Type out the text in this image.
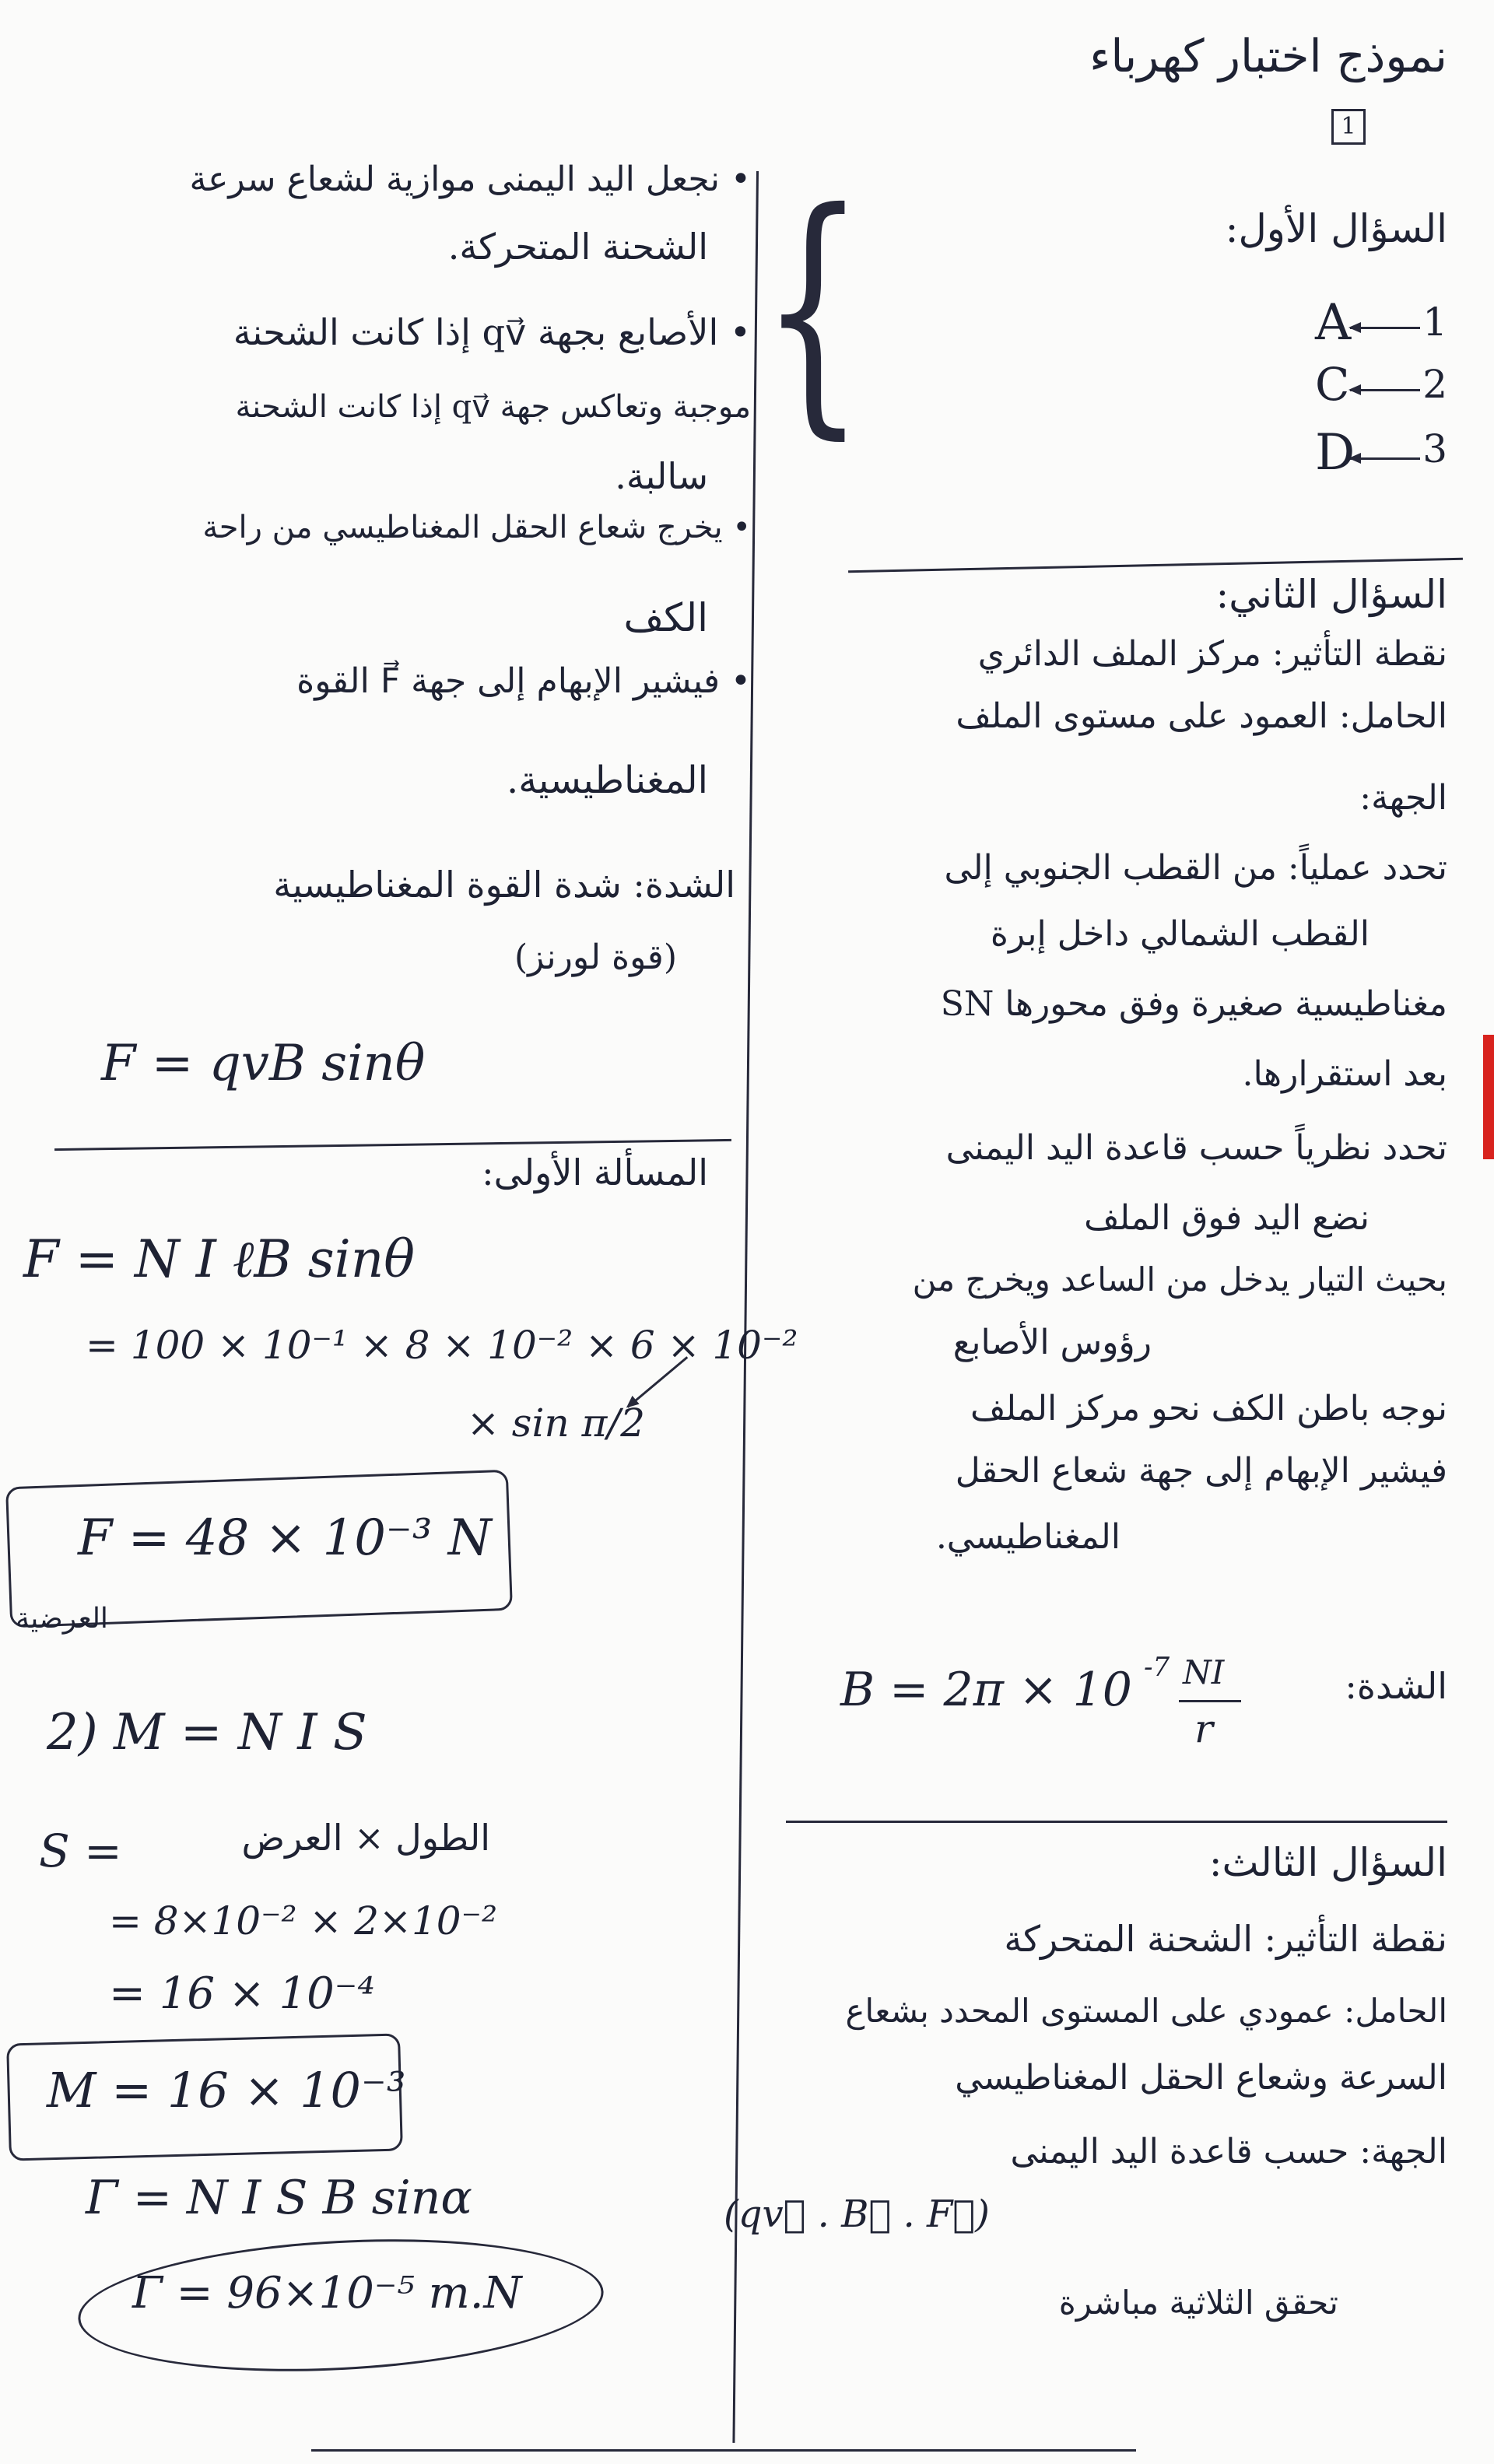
{
نموذج اختبار كهرباء
1
السؤال الأول:
1
A
2
C
3
D
السؤال الثاني:
نقطة التأثير: مركز الملف الدائري
الحامل: العمود على مستوى الملف
الجهة:
تحدد عملياً: من القطب الجنوبي إلى
القطب الشمالي داخل إبرة
مغناطيسية صغيرة وفق محورها SN
بعد استقرارها.
تحدد نظرياً حسب قاعدة اليد اليمنى
نضع اليد فوق الملف
بحيث التيار يدخل من الساعد ويخرج من
رؤوس الأصابع
نوجه باطن الكف نحو مركز الملف
فيشير الإبهام إلى جهة شعاع الحقل
المغناطيسي.
الشدة:
B = 2π × 10 -7 NI
r
السؤال الثالث:
نقطة التأثير: الشحنة المتحركة
الحامل: عمودي على المستوى المحدد بشعاع
السرعة وشعاع الحقل المغناطيسي
الجهة: حسب قاعدة اليد اليمنى
(qv⃗ . B⃗ . F⃗)
تحقق الثلاثية مباشرة
• نجعل اليد اليمنى موازية لشعاع سرعة
الشحنة المتحركة.
• الأصابع بجهة qv⃗ إذا كانت الشحنة
موجبة وتعاكس جهة qv⃗ إذا كانت الشحنة
سالبة.
• يخرج شعاع الحقل المغناطيسي من راحة
الكف
• فيشير الإبهام إلى جهة F⃗ القوة
المغناطيسية.
الشدة: شدة القوة المغناطيسية
(قوة لورنز)
F = qvB sinθ
المسألة الأولى:
F = N I ℓB sinθ
= 100 × 10⁻¹ × 8 × 10⁻² × 6 × 10⁻²
× sin π/2
F = 48 × 10⁻³ N
العرضية
2) M = N I S
S =	الطول × العرض
= 8×10⁻² × 2×10⁻²
= 16 × 10⁻⁴
M = 16 × 10⁻³
Γ = N I S B sinα
Γ = 96×10⁻⁵ m.N
